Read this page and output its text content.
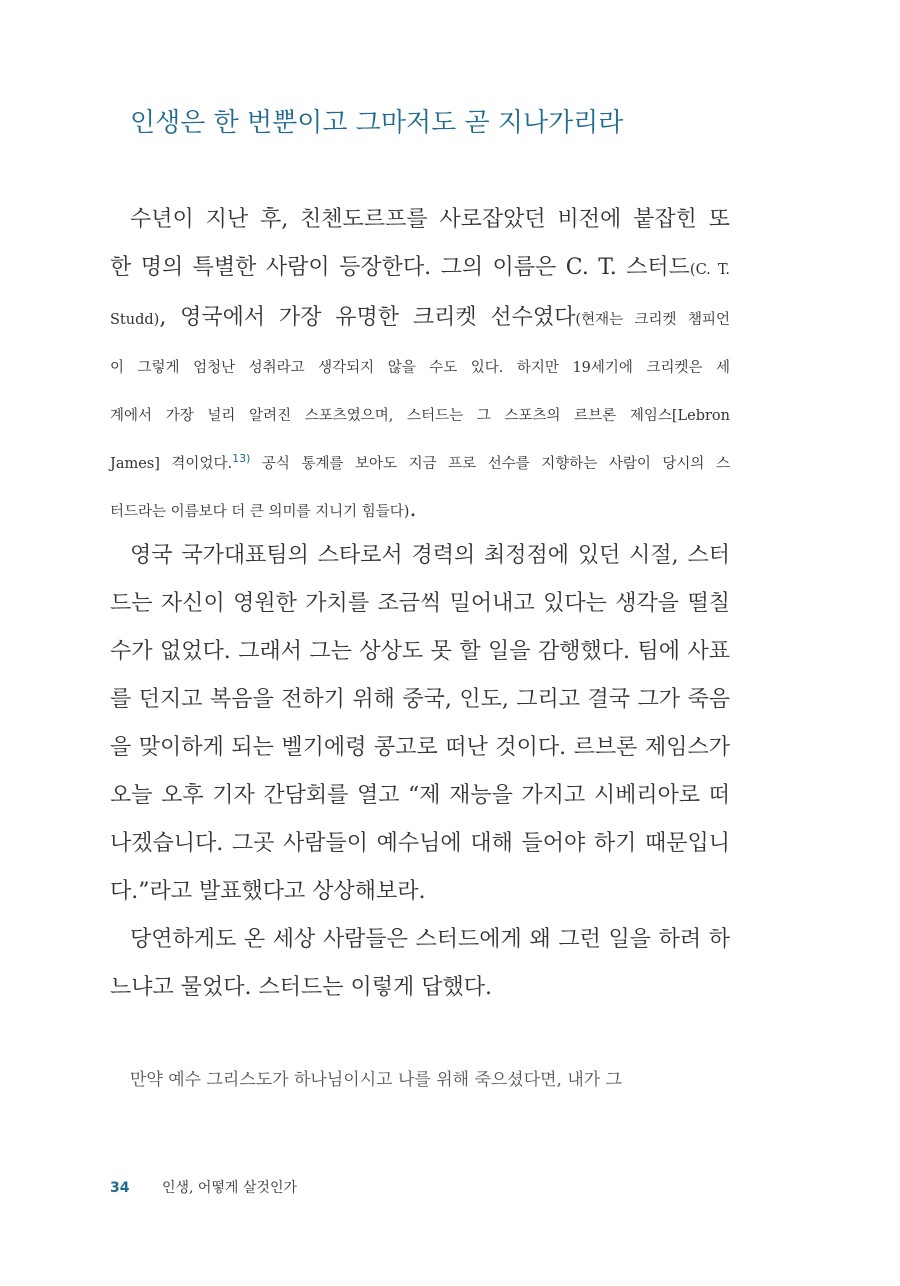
인생은 한 번뿐이고 그마저도 곧 지나가리라
수년이 지난 후, 친첸도르프를 사로잡았던 비전에 붙잡힌 또
한 명의 특별한 사람이 등장한다. 그의 이름은 C. T. 스터드(C. T.
Studd), 영국에서 가장 유명한 크리켓 선수였다(현재는 크리켓 챔피언
이 그렇게 엄청난 성취라고 생각되지 않을 수도 있다. 하지만 19세기에 크리켓은 세
계에서 가장 널리 알려진 스포츠였으며, 스터드는 그 스포츠의 르브론 제임스[Lebron
James] 격이었다.$^{13)}$ 공식 통계를 보아도 지금 프로 선수를 지향하는 사람이 당시의 스
터드라는 이름보다 더 큰 의미를 지니기 힘들다).
영국 국가대표팀의 스타로서 경력의 최정점에 있던 시절, 스터
드는 자신이 영원한 가치를 조금씩 밀어내고 있다는 생각을 떨칠
수가 없었다. 그래서 그는 상상도 못 할 일을 감행했다. 팀에 사표
를 던지고 복음을 전하기 위해 중국, 인도, 그리고 결국 그가 죽음
을 맞이하게 되는 벨기에령 콩고로 떠난 것이다. 르브론 제임스가
오늘 오후 기자 간담회를 열고 “제 재능을 가지고 시베리아로 떠
나겠습니다. 그곳 사람들이 예수님에 대해 들어야 하기 때문입니
다.”라고 발표했다고 상상해보라.
당연하게도 온 세상 사람들은 스터드에게 왜 그런 일을 하려 하
느냐고 물었다. 스터드는 이렇게 답했다.

만약 예수 그리스도가 하나님이시고 나를 위해 죽으셨다면, 내가 그

34 인생, 어떻게 살것인가
